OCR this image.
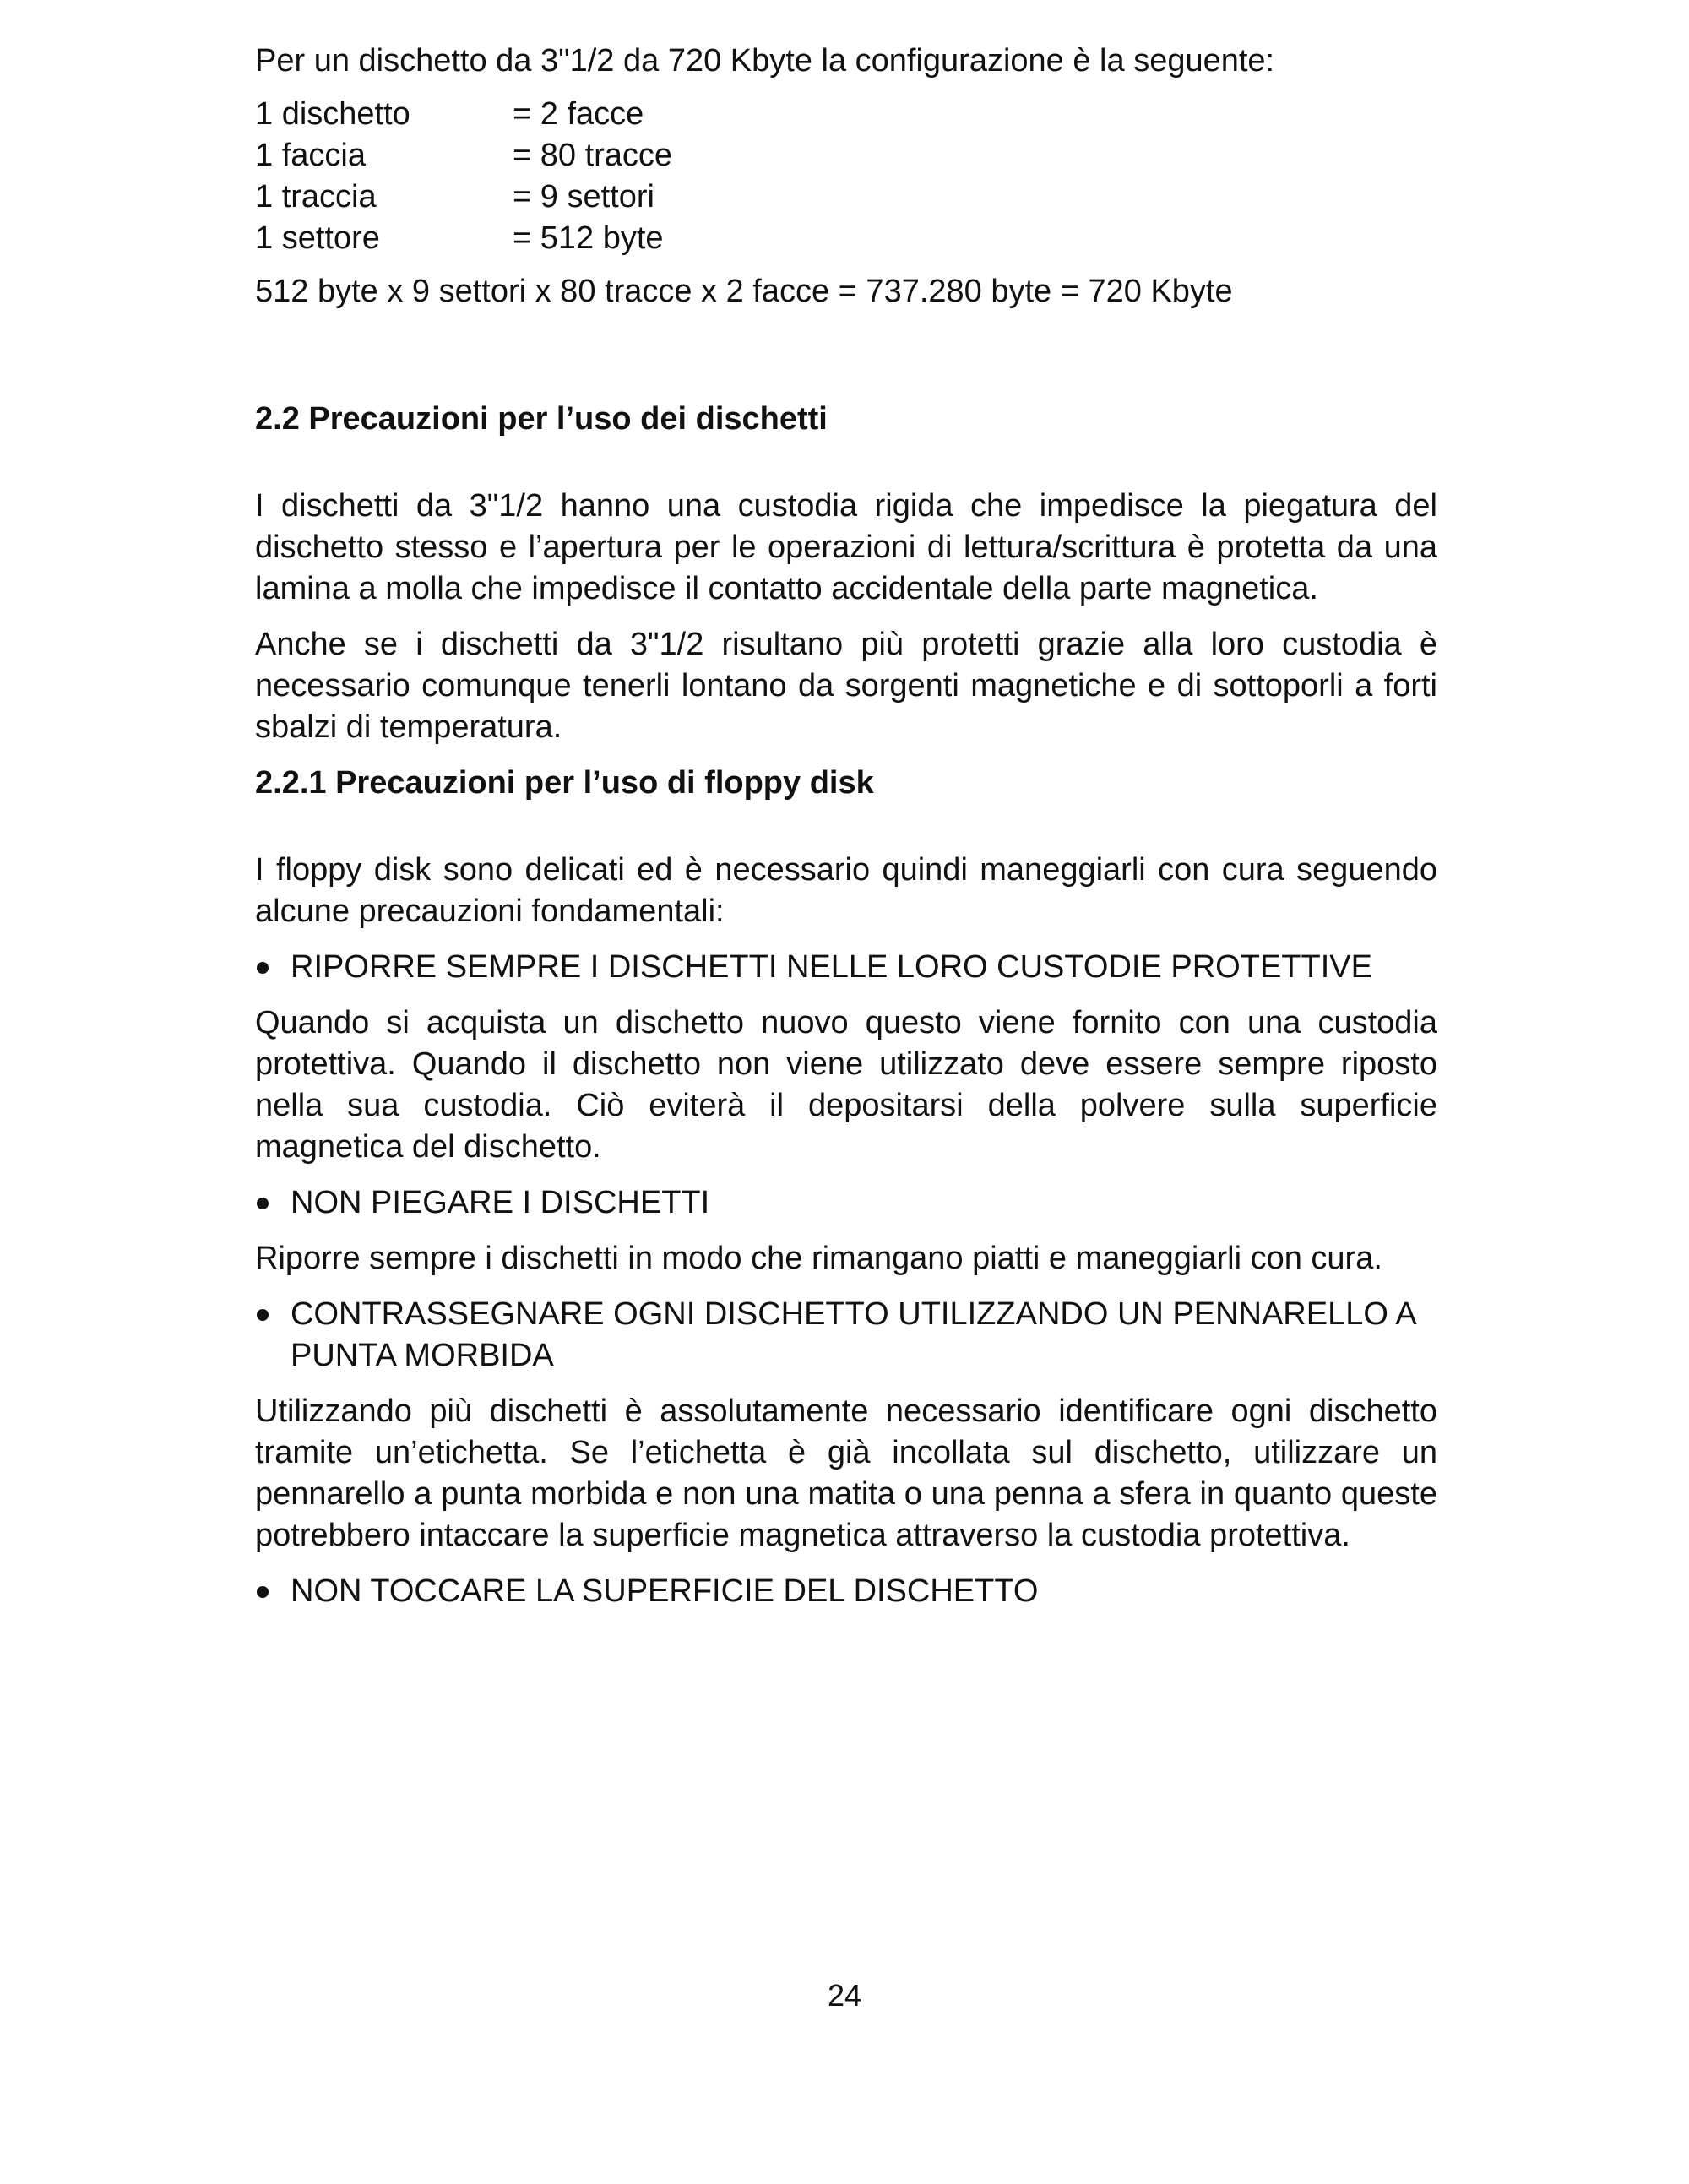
Per un dischetto da 3"1/2 da 720 Kbyte la configurazione è la seguente:

1 dischetto	= 2 facce
1 faccia	= 80 tracce
1 traccia	= 9 settori
1 settore	= 512 byte

512 byte x 9 settori x 80 tracce x 2 facce = 737.280 byte = 720 Kbyte

2.2 Precauzioni per l’uso dei dischetti

I dischetti da 3"1/2 hanno una custodia rigida che impedisce la piegatura del dischetto stesso e l’apertura per le operazioni di lettura/scrittura è protetta da una lamina a molla che impedisce il contatto accidentale della parte magnetica.

Anche se i dischetti da 3"1/2 risultano più protetti grazie alla loro custodia è necessario comunque tenerli lontano da sorgenti magnetiche e di sottoporli a forti sbalzi di temperatura.

2.2.1 Precauzioni per l’uso di floppy disk

I floppy disk sono delicati ed è necessario quindi maneggiarli con cura seguendo alcune precauzioni fondamentali:

RIPORRE SEMPRE I DISCHETTI NELLE LORO CUSTODIE PROTETTIVE

Quando si acquista un dischetto nuovo questo viene fornito con una custodia protettiva. Quando il dischetto non viene utilizzato deve essere sempre riposto nella sua custodia. Ciò eviterà il depositarsi della polvere sulla superficie magnetica del dischetto.

NON PIEGARE I DISCHETTI

Riporre sempre i dischetti in modo che rimangano piatti e maneggiarli con cura.

CONTRASSEGNARE OGNI DISCHETTO UTILIZZANDO UN PENNARELLO A PUNTA MORBIDA

Utilizzando più dischetti è assolutamente necessario identificare ogni dischetto tramite un’etichetta. Se l’etichetta è già incollata sul dischetto, utilizzare un pennarello a punta morbida e non una matita o una penna a sfera in quanto queste potrebbero intaccare la superficie magnetica attraverso la custodia protettiva.

NON TOCCARE LA SUPERFICIE DEL DISCHETTO
24
